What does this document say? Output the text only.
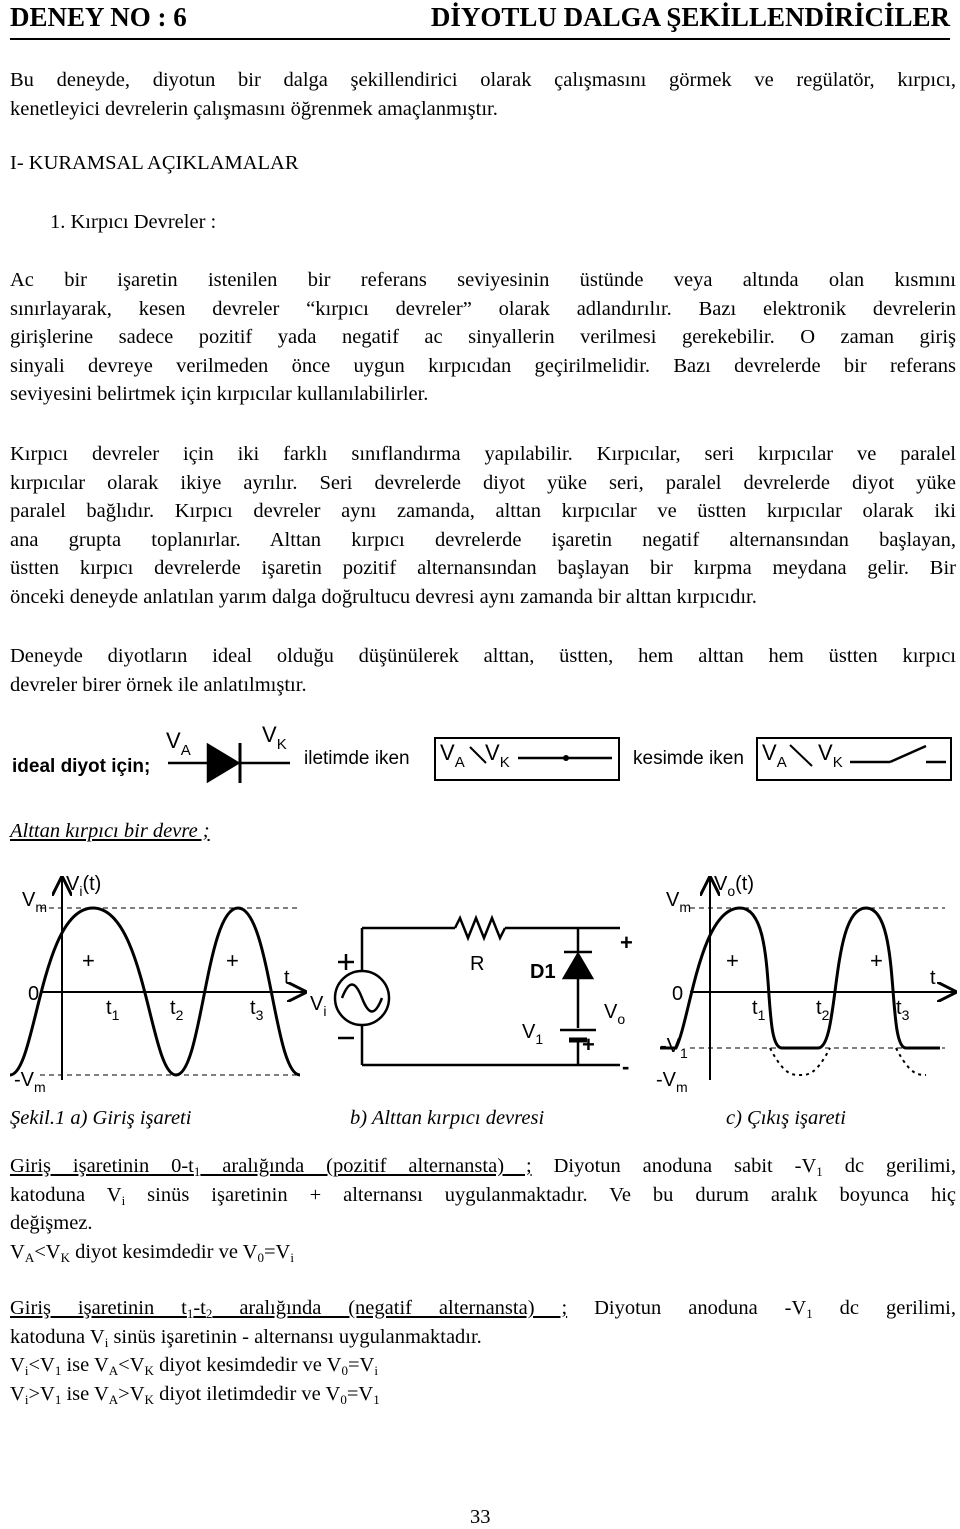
DENEY NO : 6	DİYOTLU DALGA ŞEKİLLENDİRİCİLER
Bu deneyde, diyotun bir dalga şekillendirici olarak çalışmasını görmek ve regülatör, kırpıcı,
kenetleyici devrelerin çalışmasını öğrenmek amaçlanmıştır.
I- KURAMSAL AÇIKLAMALAR
1. Kırpıcı Devreler :
Ac bir işaretin istenilen bir referans seviyesinin üstünde veya altında olan kısmını
sınırlayarak, kesen devreler “kırpıcı devreler” olarak adlandırılır. Bazı elektronik devrelerin
girişlerine sadece pozitif yada negatif ac sinyallerin verilmesi gerekebilir. O zaman giriş
sinyali devreye verilmeden önce uygun kırpıcıdan geçirilmelidir. Bazı devrelerde bir referans
seviyesini belirtmek için kırpıcılar kullanılabilirler.
Kırpıcı devreler için iki farklı sınıflandırma yapılabilir. Kırpıcılar, seri kırpıcılar ve paralel
kırpıcılar olarak ikiye ayrılır. Seri devrelerde diyot yüke seri, paralel devrelerde diyot yüke
paralel bağlıdır. Kırpıcı devreler aynı zamanda, alttan kırpıcılar ve üstten kırpıcılar olarak iki
ana grupta toplanırlar. Alttan kırpıcı devrelerde işaretin negatif alternansından başlayan,
üstten kırpıcı devrelerde işaretin pozitif alternansından başlayan bir kırpma meydana gelir. Bir
önceki deneyde anlatılan yarım dalga doğrultucu devresi aynı zamanda bir alttan kırpıcıdır.
Deneyde diyotların ideal olduğu düşünülerek alttan, üstten, hem alttan hem üstten kırpıcı
devreler birer örnek ile anlatılmıştır.
ideal diyot için;
$V_A$
$V_K$
iletimde iken $V_A$ $V_K$	kesimde iken $V_A$ $V_K$
Alttan kırpıcı bir devre ;
$V_i(t)$
$V_m$
0
$-V_m$
+	+
t
$t_1$	$t_2$	$t_3$
R D1
$V_i$	$V_o$
$V_1$
+
+
-
$V_o(t)$
$V_m$
0
$-V_1$
$-V_m$
+	+
t
$t_1$	$t_2$	$t_3$
Şekil.1 a) Giriş işareti	b) Alttan kırpıcı devresi	c) Çıkış işareti
Giriş işaretinin $0-t_1$ aralığında (pozitif alternansta) ; Diyotun anoduna sabit $-V_1$ dc gerilimi,
katoduna $V_i$ sinüs işaretinin + alternansı uygulanmaktadır. Ve bu durum aralık boyunca hiç
değişmez.
$V_A<V_K$ diyot kesimdedir ve $V_0=V_i$
Giriş işaretinin $t_1-t_2$ aralığında (negatif alternansta) ; Diyotun anoduna $-V_1$ dc gerilimi,
katoduna $V_i$ sinüs işaretinin - alternansı uygulanmaktadır.
$V_i<V_1$ ise $V_A<V_K$ diyot kesimdedir ve $V_0=V_i$
$V_i>V_1$ ise $V_A>V_K$ diyot iletimdedir ve $V_0=V_1$
33
